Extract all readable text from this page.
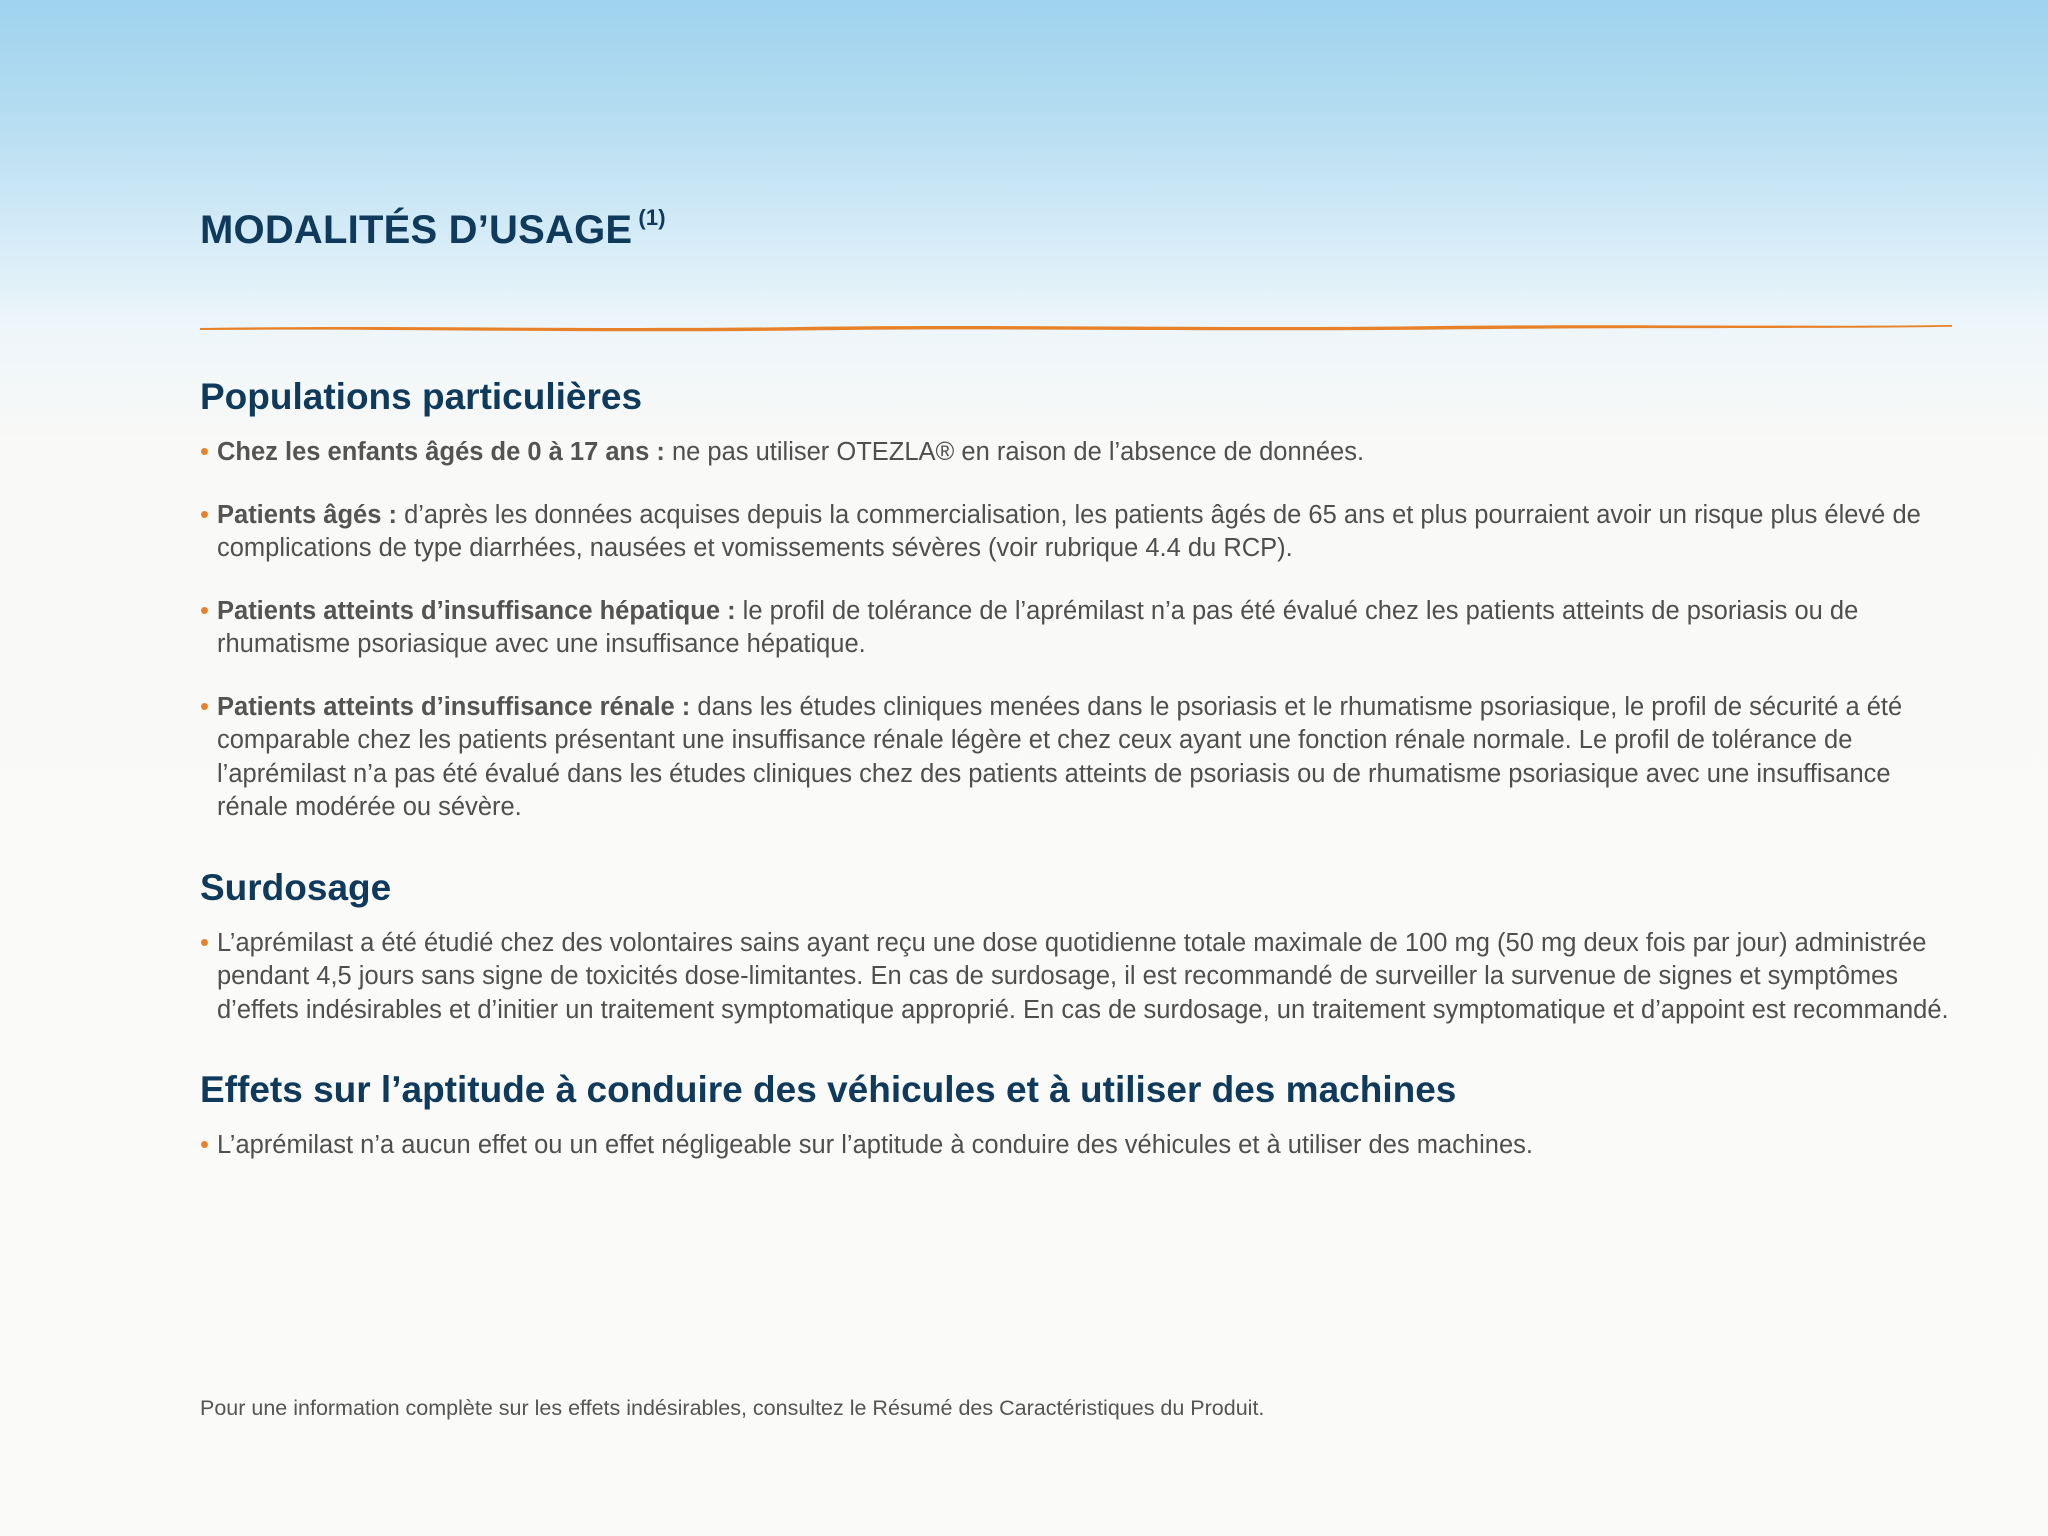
MODALITÉS D’USAGE $^{(1)}$
Populations particulières
• Chez les enfants âgés de 0 à 17 ans : ne pas utiliser OTEZLA® en raison de l’absence de données.
• Patients âgés : d’après les données acquises depuis la commercialisation, les patients âgés de 65 ans et plus pourraient avoir un risque plus élevé de complications de type diarrhées, nausées et vomissements sévères (voir rubrique 4.4 du RCP).
• Patients atteints d’insuffisance hépatique : le profil de tolérance de l’aprémilast n’a pas été évalué chez les patients atteints de psoriasis ou de rhumatisme psoriasique avec une insuffisance hépatique.
• Patients atteints d’insuffisance rénale : dans les études cliniques menées dans le psoriasis et le rhumatisme psoriasique, le profil de sécurité a été comparable chez les patients présentant une insuffisance rénale légère et chez ceux ayant une fonction rénale normale. Le profil de tolérance de l’aprémilast n’a pas été évalué dans les études cliniques chez des patients atteints de psoriasis ou de rhumatisme psoriasique avec une insuffisance rénale modérée ou sévère.
Surdosage
• L’aprémilast a été étudié chez des volontaires sains ayant reçu une dose quotidienne totale maximale de 100 mg (50 mg deux fois par jour) administrée pendant 4,5 jours sans signe de toxicités dose-limitantes. En cas de surdosage, il est recommandé de surveiller la survenue de signes et symptômes d’effets indésirables et d’initier un traitement symptomatique approprié. En cas de surdosage, un traitement symptomatique et d’appoint est recommandé.
Effets sur l’aptitude à conduire des véhicules et à utiliser des machines
• L’aprémilast n’a aucun effet ou un effet négligeable sur l’aptitude à conduire des véhicules et à utiliser des machines.

Pour une information complète sur les effets indésirables, consultez le Résumé des Caractéristiques du Produit.
